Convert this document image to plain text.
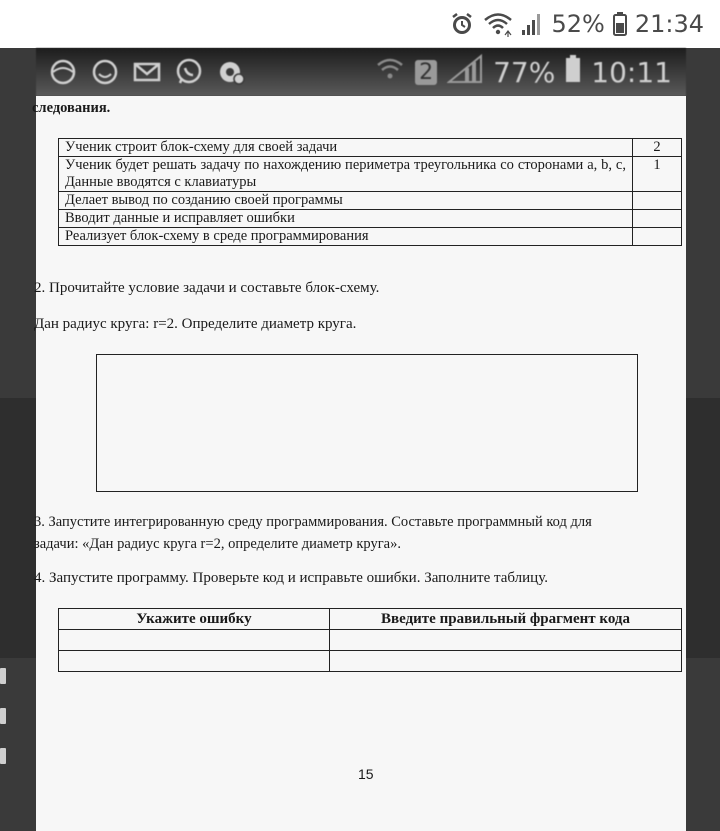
52% 21:34
2 77% 10:11
следования.
Ученик строит блок-схему для своей задачи	2
Ученик будет решать задачу по нахождению периметра треугольника со сторонами a, b, c, Данные вводятся с клавиатуры	1
Делает вывод по созданию своей программы	
Вводит данные и исправляет ошибки	
Реализует блок-схему в среде программирования	
2. Прочитайте условие задачи и составьте блок-схему.
Дан радиус круга: r=2. Определите диаметр круга.
3. Запустите интегрированную среду программирования. Составьте программный код для
задачи: «Дан радиус круга r=2, определите диаметр круга».
4. Запустите программу. Проверьте код и исправьте ошибки. Заполните таблицу.
Укажите ошибку	Введите правильный фрагмент кода

15
